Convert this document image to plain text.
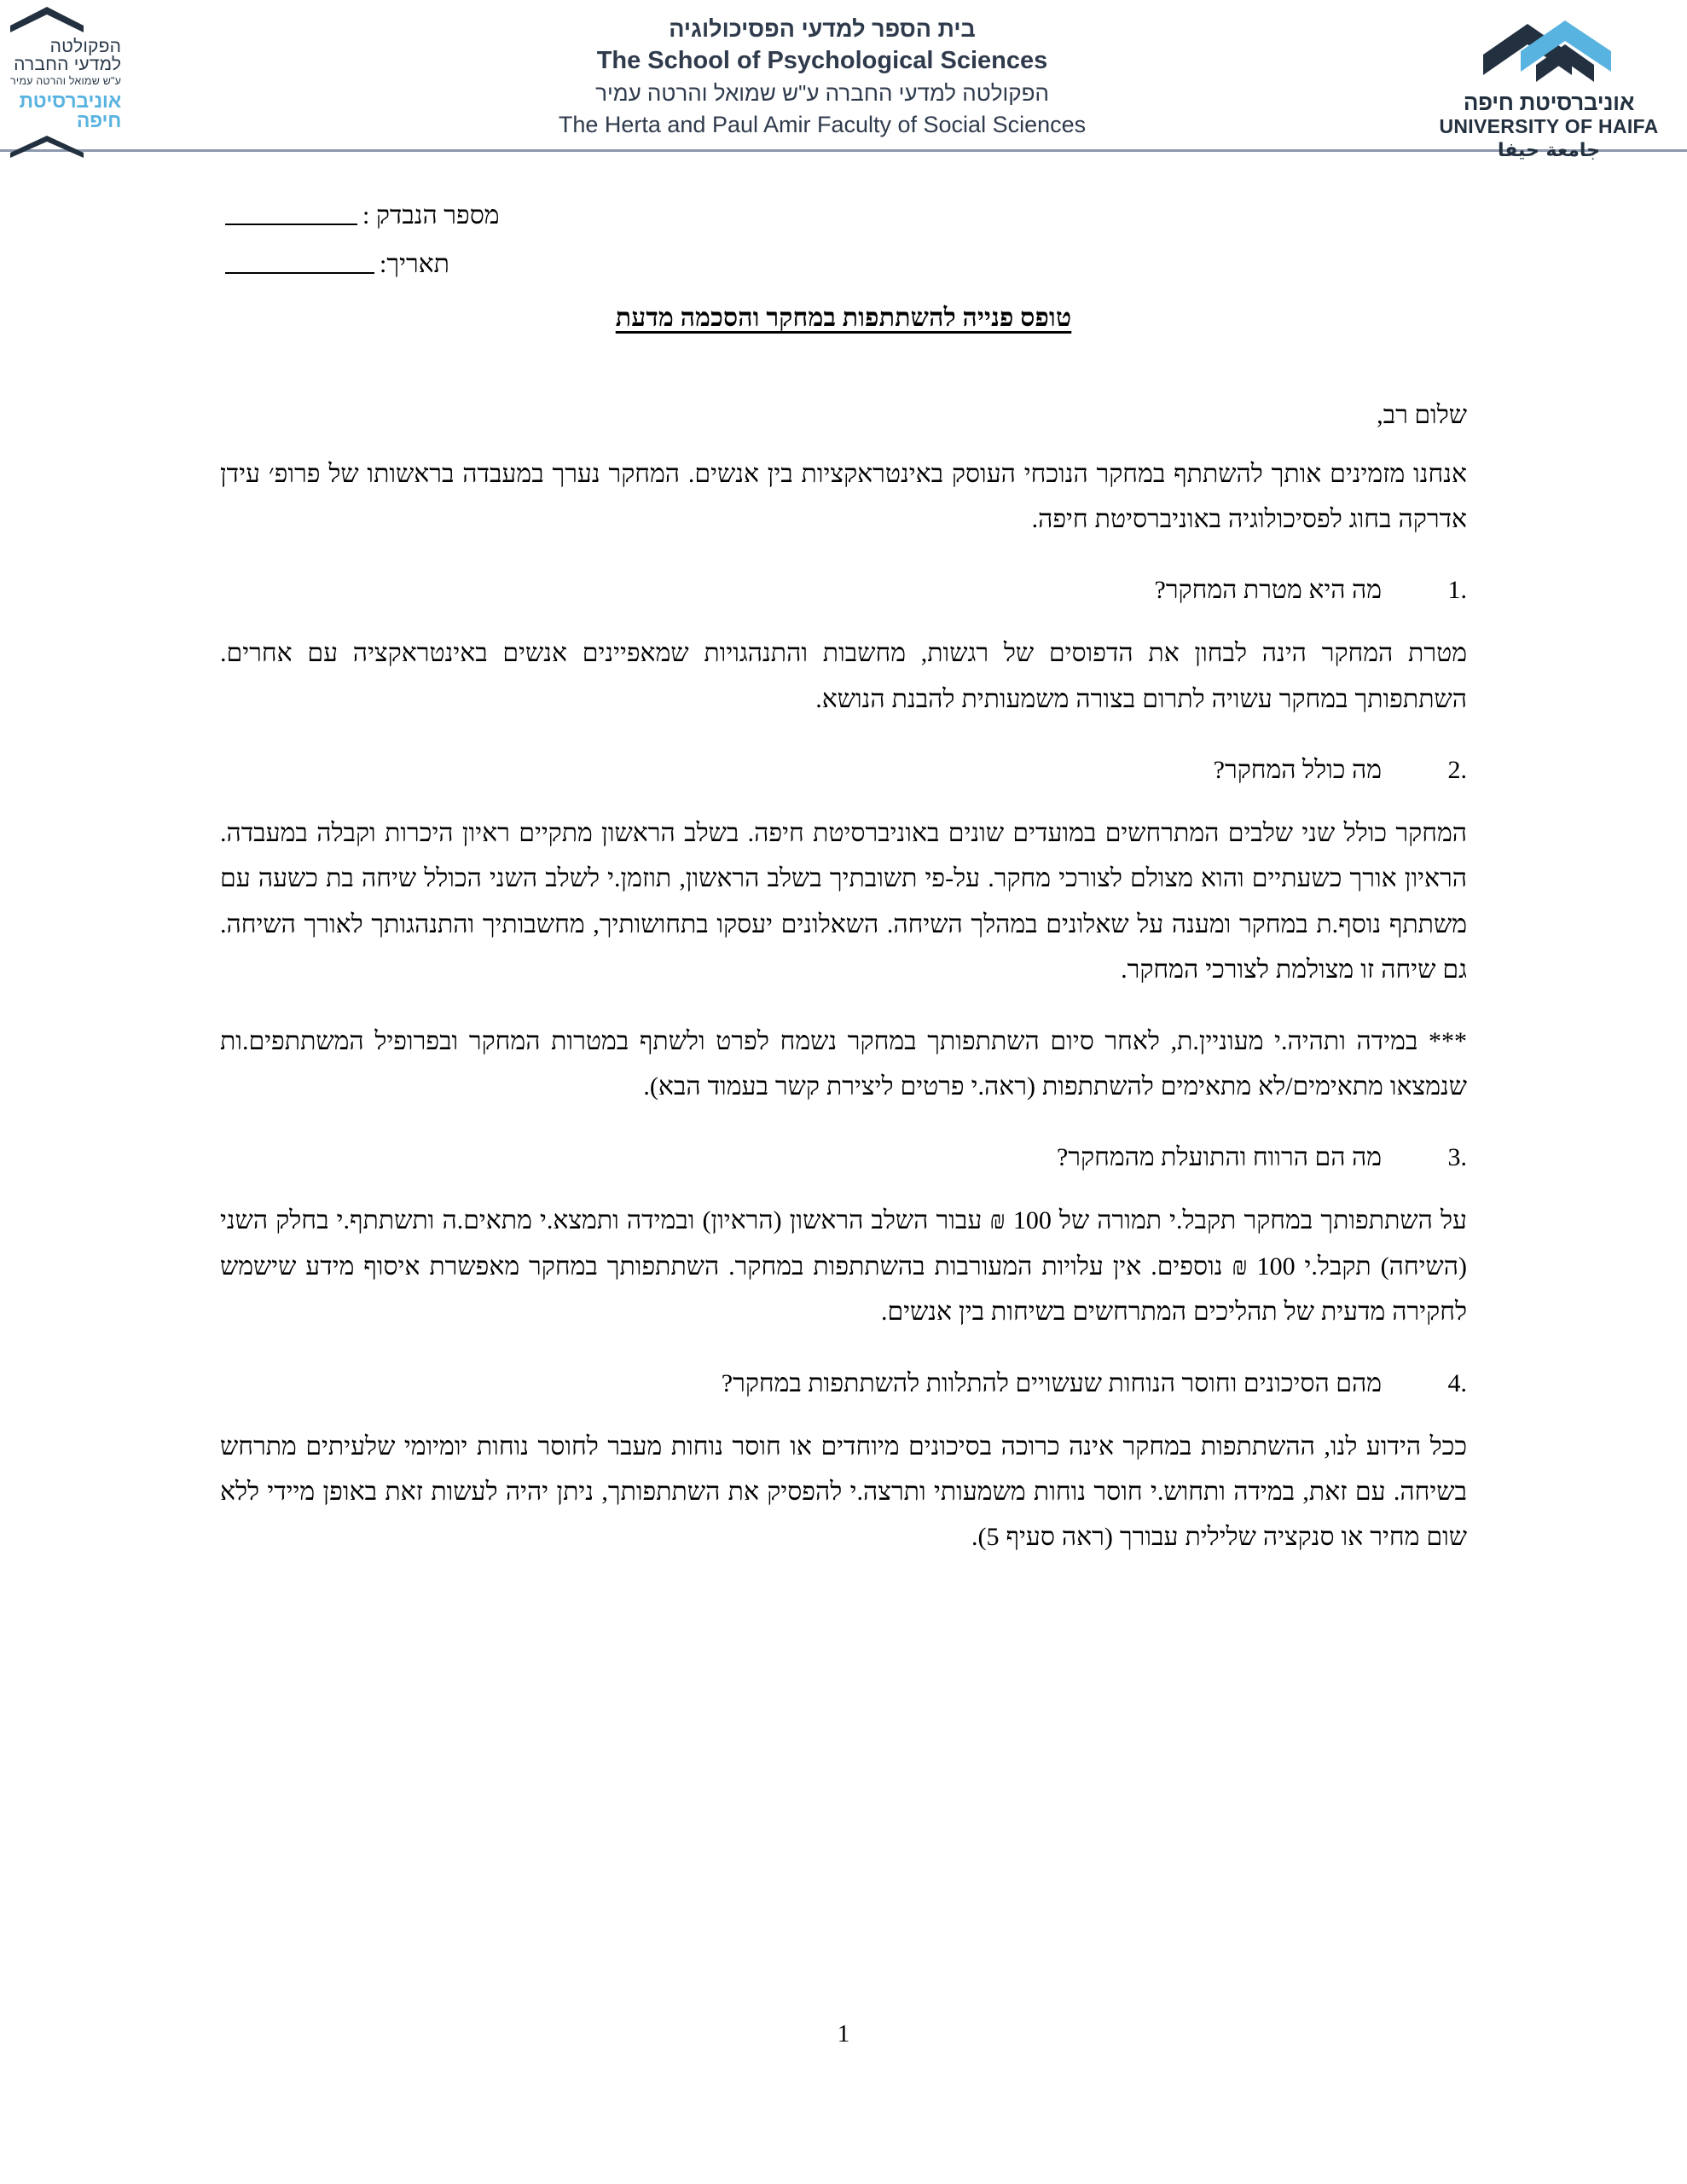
הפקולטה
למדעי החברה
ע"ש שמואל והרטה עמיר
אוניברסיטת
חיפה
בית הספר למדעי הפסיכולוגיה
The School of Psychological Sciences
הפקולטה למדעי החברה ע"ש שמואל והרטה עמיר
The Herta and Paul Amir Faculty of Social Sciences
אוניברסיטת חיפה
UNIVERSITY OF HAIFA
جامعة حيفا
מספר הנבדק :
תאריך:
טופס פנייה להשתתפות במחקר והסכמה מדעת
שלום רב,

אנחנו מזמינים אותך להשתתף במחקר הנוכחי העוסק באינטראקציות בין אנשים. המחקר נערך במעבדה בראשותו של פרופ׳ עידן אדרקה בחוג לפסיכולוגיה באוניברסיטת חיפה.

1.
מה היא מטרת המחקר?

מטרת המחקר הינה לבחון את הדפוסים של רגשות, מחשבות והתנהגויות שמאפיינים אנשים באינטראקציה עם אחרים. השתתפותך במחקר עשויה לתרום בצורה משמעותית להבנת הנושא.

2.
מה כולל המחקר?

המחקר כולל שני שלבים המתרחשים במועדים שונים באוניברסיטת חיפה. בשלב הראשון מתקיים ראיון היכרות וקבלה במעבדה. הראיון אורך כשעתיים והוא מצולם לצורכי מחקר. על-פי תשובתיך בשלב הראשון, תוזמן.י לשלב השני הכולל שיחה בת כשעה עם משתתף נוסף.ת במחקר ומענה על שאלונים במהלך השיחה. השאלונים יעסקו בתחושותיך, מחשבותיך והתנהגותך לאורך השיחה. גם שיחה זו מצולמת לצורכי המחקר.

*** במידה ותהיה.י מעוניין.ת, לאחר סיום השתתפותך במחקר נשמח לפרט ולשתף במטרות המחקר ובפרופיל המשתתפים.ות שנמצאו מתאימים/לא מתאימים להשתתפות (ראה.י פרטים ליצירת קשר בעמוד הבא).

3.
מה הם הרווח והתועלת מהמחקר?

על השתתפותך במחקר תקבל.י תמורה של 100 ₪ עבור השלב הראשון (הראיון) ובמידה ותמצא.י מתאים.ה ותשתתף.י בחלק השני (השיחה) תקבל.י 100 ₪ נוספים. אין עלויות המעורבות בהשתתפות במחקר. השתתפותך במחקר מאפשרת איסוף מידע שישמש לחקירה מדעית של תהליכים המתרחשים בשיחות בין אנשים.

4.
מהם הסיכונים וחוסר הנוחות שעשויים להתלוות להשתתפות במחקר?

ככל הידוע לנו, ההשתתפות במחקר אינה כרוכה בסיכונים מיוחדים או חוסר נוחות מעבר לחוסר נוחות יומיומי שלעיתים מתרחש בשיחה. עם זאת, במידה ותחוש.י חוסר נוחות משמעותי ותרצה.י להפסיק את השתתפותך, ניתן יהיה לעשות זאת באופן מיידי ללא שום מחיר או סנקציה שלילית עבורך (ראה סעיף 5).

1
